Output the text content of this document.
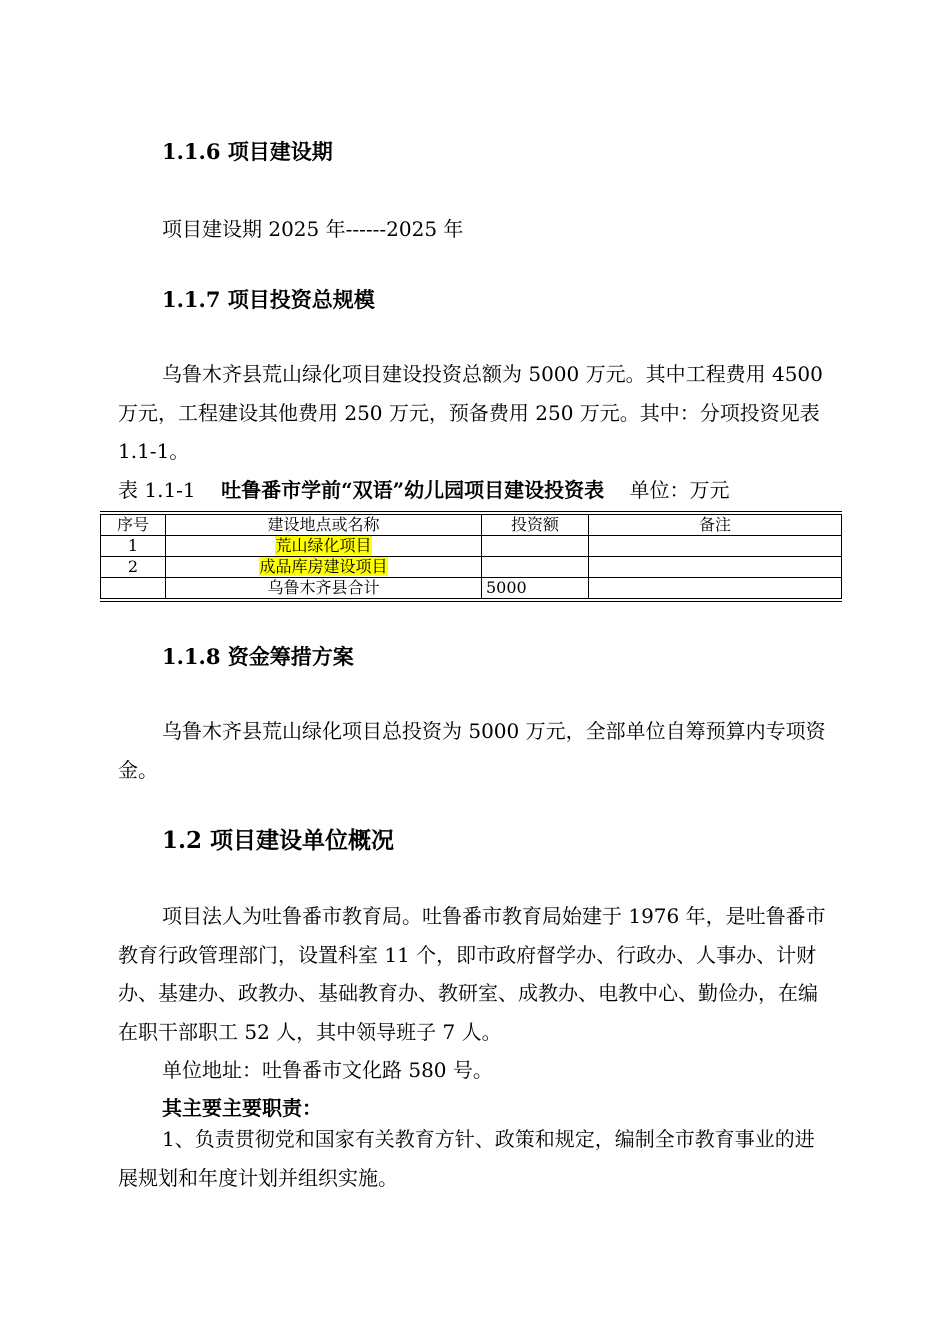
1.1.6 项目建设期
项目建设期 2025 年------2025 年
1.1.7 项目投资总规模

乌鲁木齐县荒山绿化项目建设投资总额为 5000 万元。其中工程费用 4500 万元，工程建设其他费用 250 万元，预备费用 250 万元。其中：分项投资见表 1.1-1。

表 1.1-1 吐鲁番市学前“双语”幼儿园项目建设投资表 单位：万元
序号	建设地点或名称	投资额	备注
1	荒山绿化项目		
2	成品库房建设项目		
	乌鲁木齐县合计	5000	
1.1.8 资金筹措方案

乌鲁木齐县荒山绿化项目总投资为 5000 万元，全部单位自筹预算内专项资金。

1.2 项目建设单位概况

项目法人为吐鲁番市教育局。吐鲁番市教育局始建于 1976 年，是吐鲁番市教育行政管理部门，设置科室 11 个，即市政府督学办、行政办、人事办、计财办、基建办、政教办、基础教育办、教研室、成教办、电教中心、勤俭办，在编在职干部职工 52 人，其中领导班子 7 人。

单位地址：吐鲁番市文化路 580 号。
其主要主要职责：

1、负责贯彻党和国家有关教育方针、政策和规定，编制全市教育事业的进展规划和年度计划并组织实施。
